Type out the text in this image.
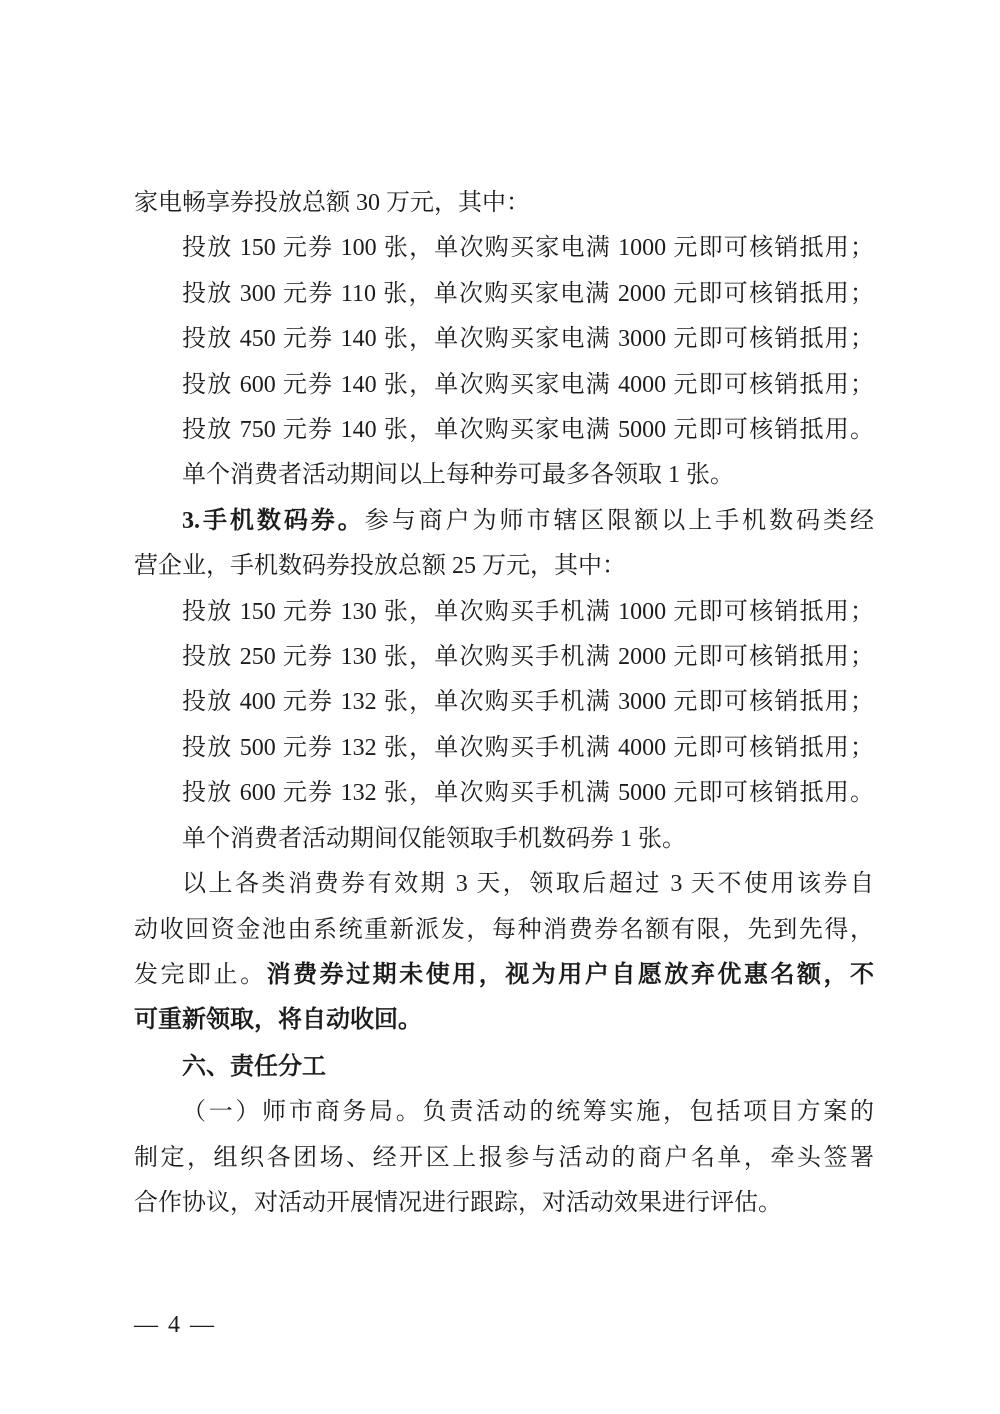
家电畅享券投放总额 30 万元，其中：

投放 150 元券 100 张，单次购买家电满 1000 元即可核销抵用；

投放 300 元券 110 张，单次购买家电满 2000 元即可核销抵用；

投放 450 元券 140 张，单次购买家电满 3000 元即可核销抵用；

投放 600 元券 140 张，单次购买家电满 4000 元即可核销抵用；

投放 750 元券 140 张，单次购买家电满 5000 元即可核销抵用。

单个消费者活动期间以上每种券可最多各领取 1 张。

3.手机数码券。参与商户为师市辖区限额以上手机数码类经

营企业，手机数码券投放总额 25 万元，其中：

投放 150 元券 130 张，单次购买手机满 1000 元即可核销抵用；

投放 250 元券 130 张，单次购买手机满 2000 元即可核销抵用；

投放 400 元券 132 张，单次购买手机满 3000 元即可核销抵用；

投放 500 元券 132 张，单次购买手机满 4000 元即可核销抵用；

投放 600 元券 132 张，单次购买手机满 5000 元即可核销抵用。

单个消费者活动期间仅能领取手机数码券 1 张。

以上各类消费券有效期 3 天，领取后超过 3 天不使用该券自

动收回资金池由系统重新派发，每种消费券名额有限，先到先得，

发完即止。消费券过期未使用，视为用户自愿放弃优惠名额，不

可重新领取，将自动收回。

六、责任分工

（一）师市商务局。负责活动的统筹实施，包括项目方案的

制定，组织各团场、经开区上报参与活动的商户名单，牵头签署

合作协议，对活动开展情况进行跟踪，对活动效果进行评估。

— 4 —
